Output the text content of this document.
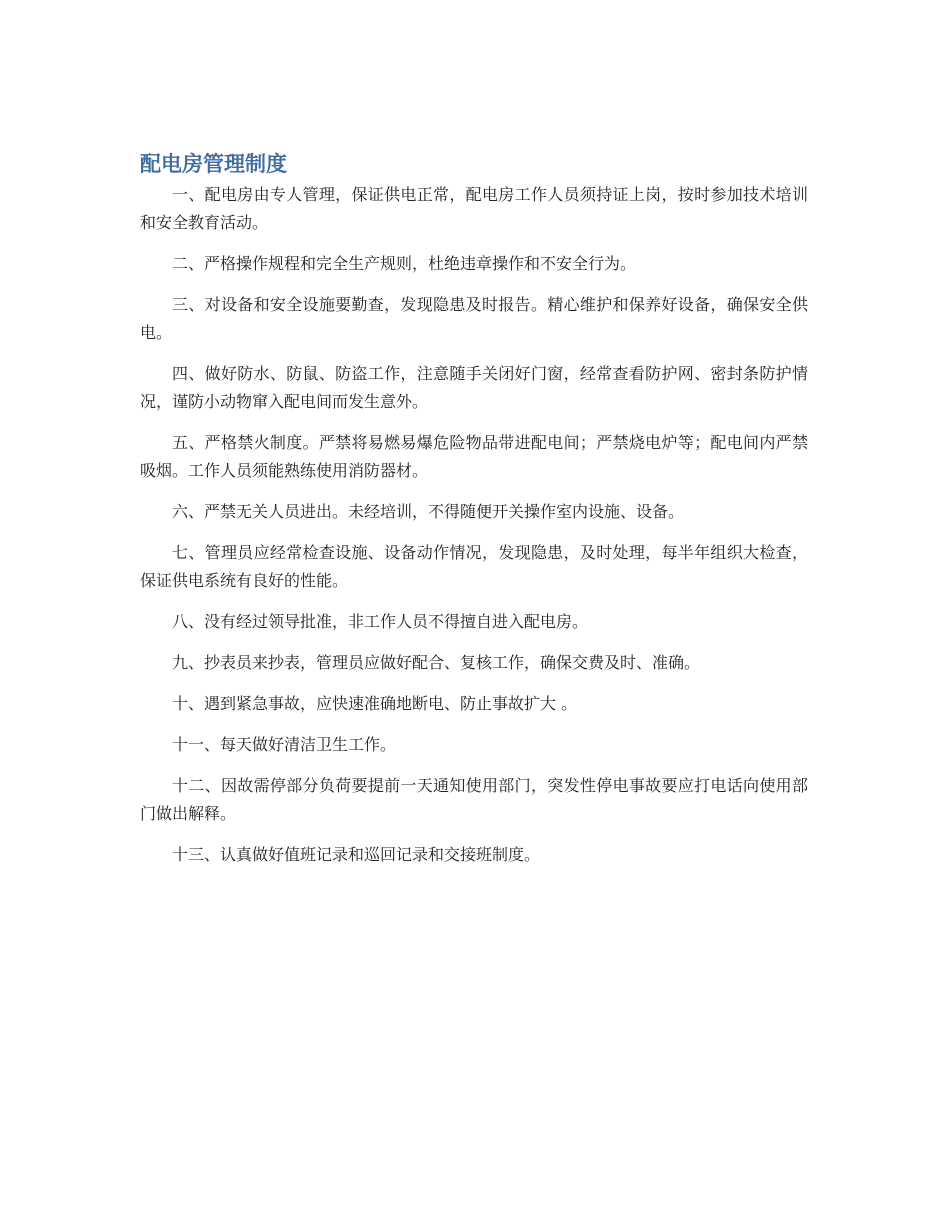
配电房管理制度

一、配电房由专人管理，保证供电正常，配电房工作人员须持证上岗，按时参加技术培训和安全教育活动。

二、严格操作规程和完全生产规则，杜绝违章操作和不安全行为。

三、对设备和安全设施要勤查，发现隐患及时报告。精心维护和保养好设备，确保安全供电。

四、做好防水、防鼠、防盗工作，注意随手关闭好门窗，经常查看防护网、密封条防护情况，谨防小动物窜入配电间而发生意外。

五、严格禁火制度。严禁将易燃易爆危险物品带进配电间；严禁烧电炉等；配电间内严禁吸烟。工作人员须能熟练使用消防器材。

六、严禁无关人员进出。未经培训，不得随便开关操作室内设施、设备。

七、管理员应经常检查设施、设备动作情况，发现隐患，及时处理，每半年组织大检查，保证供电系统有良好的性能。

八、没有经过领导批准，非工作人员不得擅自进入配电房。

九、抄表员来抄表，管理员应做好配合、复核工作，确保交费及时、准确。

十、遇到紧急事故，应快速准确地断电、防止事故扩大 。

十一、每天做好清洁卫生工作。

十二、因故需停部分负荷要提前一天通知使用部门，突发性停电事故要应打电话向使用部门做出解释。

十三、认真做好值班记录和巡回记录和交接班制度。
